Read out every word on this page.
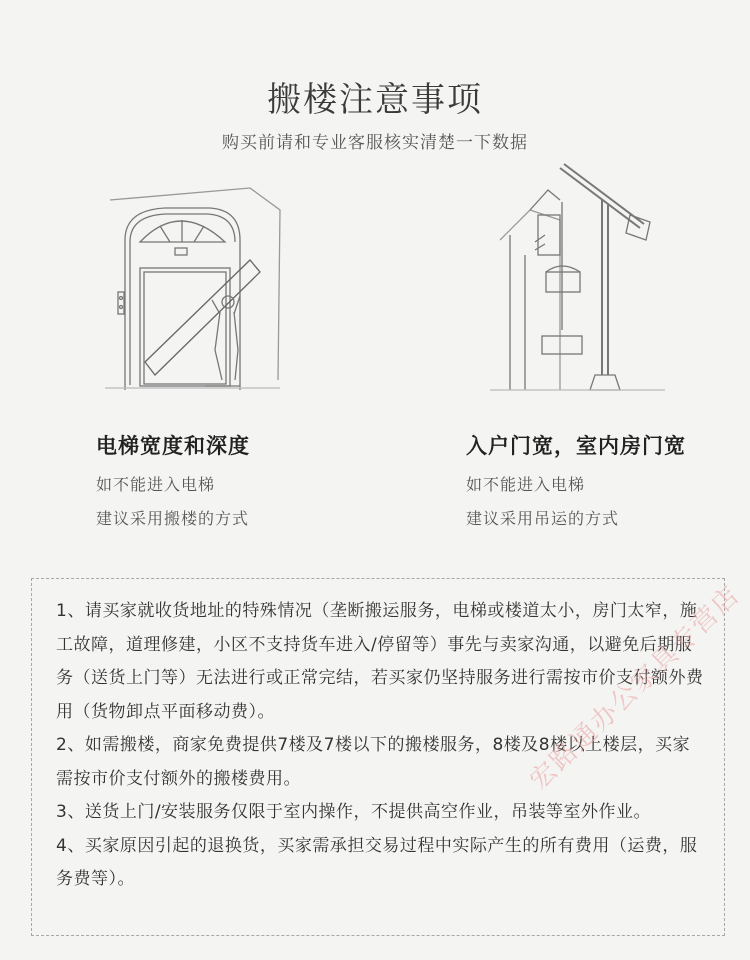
搬楼注意事项
购买前请和专业客服核实清楚一下数据
电梯宽度和深度
如不能进入电梯
建议采用搬楼的方式
入户门宽，室内房门宽
如不能进入电梯
建议采用吊运的方式
1、请买家就收货地址的特殊情况（垄断搬运服务，电梯或楼道太小，房门太窄，施工故障，道理修建，小区不支持货车进入/停留等）事先与卖家沟通，以避免后期服务（送货上门等）无法进行或正常完结，若买家仍坚持服务进行需按市价支付额外费用（货物卸点平面移动费）。
2、如需搬楼，商家免费提供7楼及7楼以下的搬楼服务，8楼及8楼以上楼层，买家需按市价支付额外的搬楼费用。
3、送货上门/安装服务仅限于室内操作，不提供高空作业，吊装等室外作业。
4、买家原因引起的退换货，买家需承担交易过程中实际产生的所有费用（运费，服务费等）。
宏路通办公家具专营店
